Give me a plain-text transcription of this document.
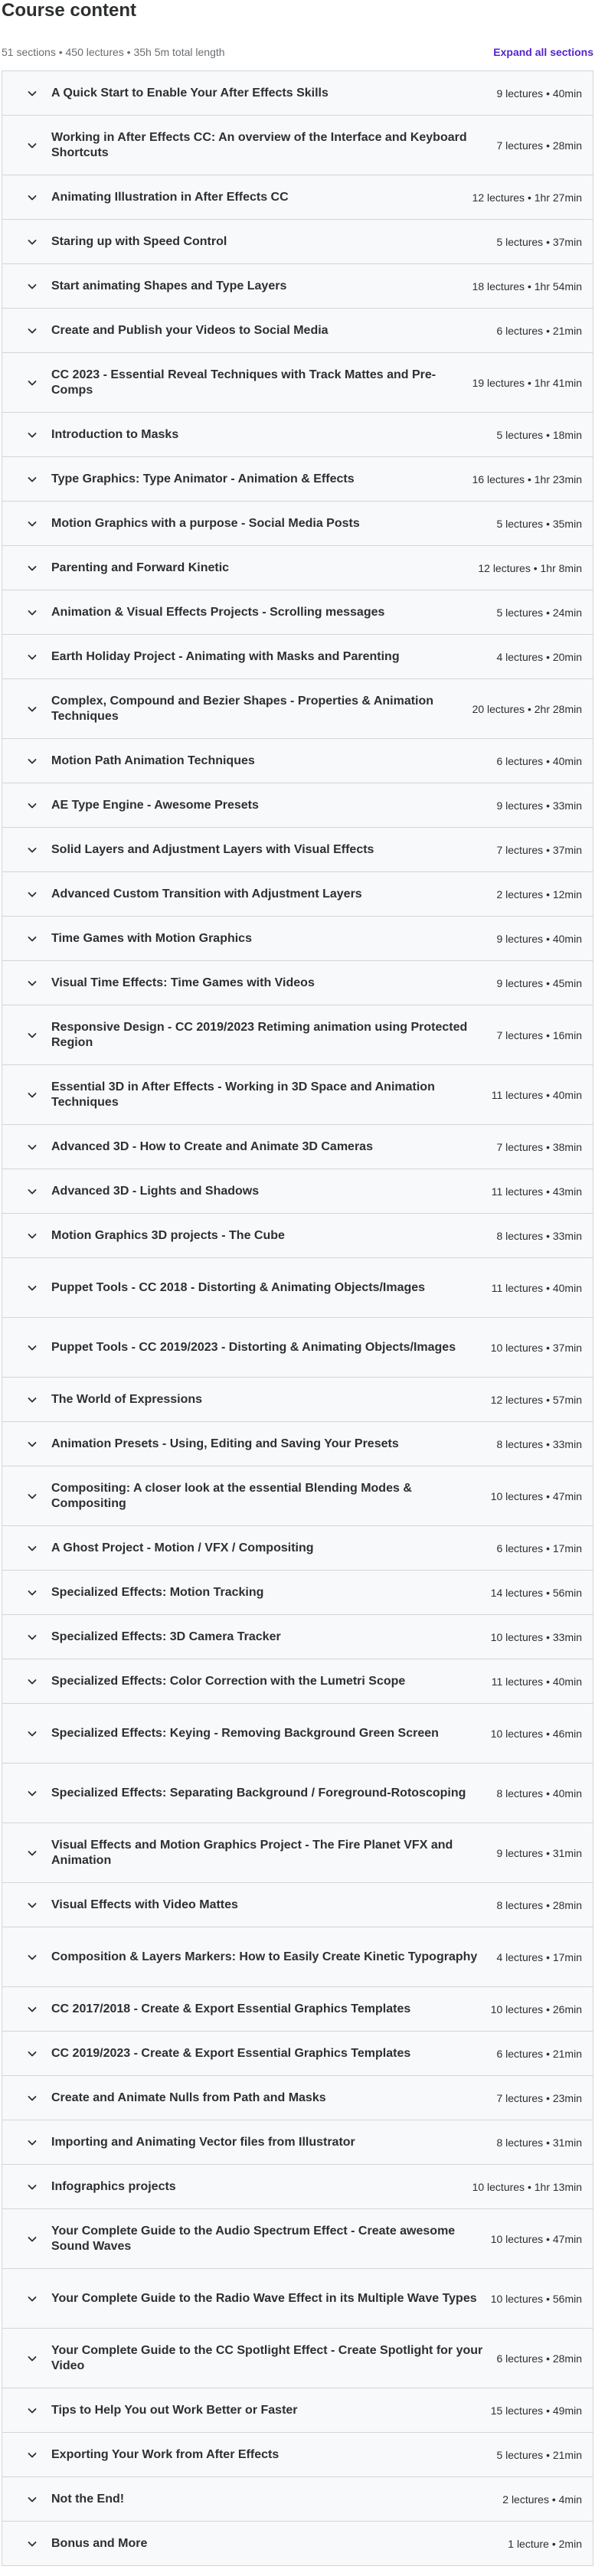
Course content
51 sections • 450 lectures • 35h 5m total length	Expand all sections
A Quick Start to Enable Your After Effects Skills	9 lectures • 40min
Working in After Effects CC: An overview of the Interface and Keyboard Shortcuts
7 lectures • 28min
Animating Illustration in After Effects CC	12 lectures • 1hr 27min
Staring up with Speed Control	5 lectures • 37min
Start animating Shapes and Type Layers	18 lectures • 1hr 54min
Create and Publish your Videos to Social Media	6 lectures • 21min
CC 2023 - Essential Reveal Techniques with Track Mattes and Pre-Comps
19 lectures • 1hr 41min
Introduction to Masks	5 lectures • 18min
Type Graphics: Type Animator - Animation & Effects	16 lectures • 1hr 23min
Motion Graphics with a purpose - Social Media Posts	5 lectures • 35min
Parenting and Forward Kinetic	12 lectures • 1hr 8min
Animation & Visual Effects Projects - Scrolling messages	5 lectures • 24min
Earth Holiday Project - Animating with Masks and Parenting	4 lectures • 20min
Complex, Compound and Bezier Shapes - Properties & Animation Techniques
20 lectures • 2hr 28min
Motion Path Animation Techniques	6 lectures • 40min
AE Type Engine - Awesome Presets	9 lectures • 33min
Solid Layers and Adjustment Layers with Visual Effects	7 lectures • 37min
Advanced Custom Transition with Adjustment Layers	2 lectures • 12min
Time Games with Motion Graphics	9 lectures • 40min
Visual Time Effects: Time Games with Videos	9 lectures • 45min
Responsive Design - CC 2019/2023 Retiming animation using Protected Region
7 lectures • 16min
Essential 3D in After Effects - Working in 3D Space and Animation Techniques
11 lectures • 40min
Advanced 3D - How to Create and Animate 3D Cameras	7 lectures • 38min
Advanced 3D - Lights and Shadows	11 lectures • 43min
Motion Graphics 3D projects - The Cube	8 lectures • 33min
Puppet Tools - CC 2018 - Distorting & Animating Objects/Images	11 lectures • 40min
Puppet Tools - CC 2019/2023 - Distorting & Animating Objects/Images	10 lectures • 37min
The World of Expressions	12 lectures • 57min
Animation Presets - Using, Editing and Saving Your Presets	8 lectures • 33min
Compositing: A closer look at the essential Blending Modes & Compositing
10 lectures • 47min
A Ghost Project - Motion / VFX / Compositing	6 lectures • 17min
Specialized Effects: Motion Tracking	14 lectures • 56min
Specialized Effects: 3D Camera Tracker	10 lectures • 33min
Specialized Effects: Color Correction with the Lumetri Scope	11 lectures • 40min
Specialized Effects: Keying - Removing Background Green Screen	10 lectures • 46min
Specialized Effects: Separating Background / Foreground-Rotoscoping	8 lectures • 40min
Visual Effects and Motion Graphics Project - The Fire Planet VFX and Animation
9 lectures • 31min
Visual Effects with Video Mattes	8 lectures • 28min
Composition & Layers Markers: How to Easily Create Kinetic Typography	4 lectures • 17min
CC 2017/2018 - Create & Export Essential Graphics Templates	10 lectures • 26min
CC 2019/2023 - Create & Export Essential Graphics Templates	6 lectures • 21min
Create and Animate Nulls from Path and Masks	7 lectures • 23min
Importing and Animating Vector files from Illustrator	8 lectures • 31min
Infographics projects	10 lectures • 1hr 13min
Your Complete Guide to the Audio Spectrum Effect - Create awesome Sound Waves
10 lectures • 47min
Your Complete Guide to the Radio Wave Effect in its Multiple Wave Types	10 lectures • 56min
Your Complete Guide to the CC Spotlight Effect - Create Spotlight for your Video
6 lectures • 28min
Tips to Help You out Work Better or Faster	15 lectures • 49min
Exporting Your Work from After Effects	5 lectures • 21min
Not the End!	2 lectures • 4min
Bonus and More	1 lecture • 2min
